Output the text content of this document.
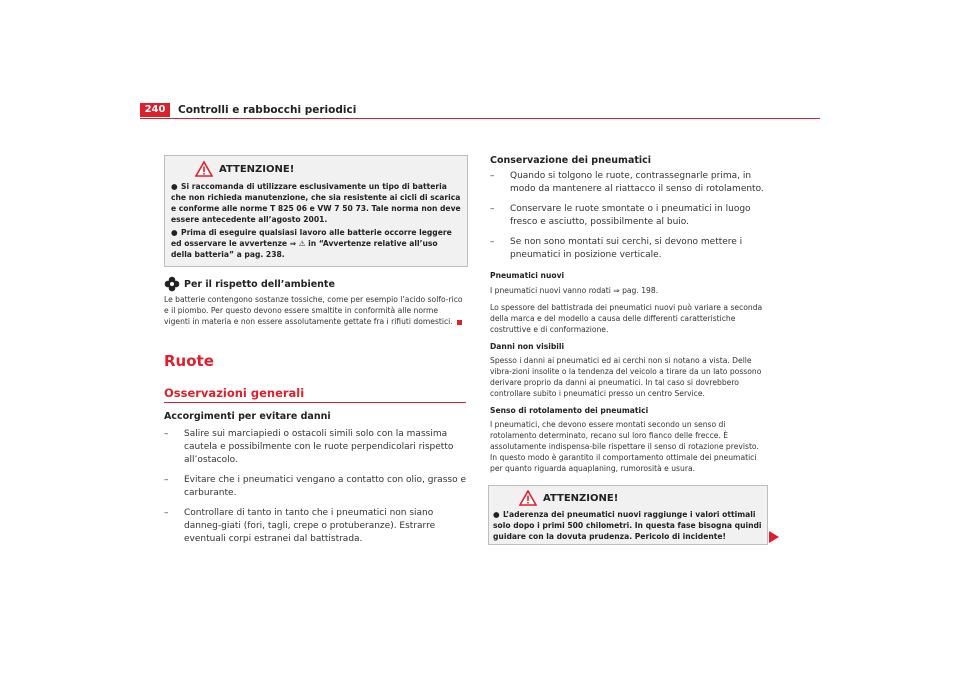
240	Controlli e rabbocchi periodici
ATTENZIONE!

● Si raccomanda di utilizzare esclusivamente un tipo di batteria che non richieda manutenzione, che sia resistente ai cicli di scarica e conforme alle norme T 825 06 e VW 7 50 73. Tale norma non deve essere antecedente all’agosto 2001.

● Prima di eseguire qualsiasi lavoro alle batterie occorre leggere ed osservare le avvertenze ⇒ ⚠ in “Avvertenze relative all’uso della batteria” a pag. 238.

Per il rispetto dell’ambiente

Le batterie contengono sostanze tossiche, come per esempio l’acido solfo-rico e il piombo. Per questo devono essere smaltite in conformità alle norme vigenti in materia e non essere assolutamente gettate fra i rifiuti domestici.

Ruote
Osservazioni generali
Accorgimenti per evitare danni
– Salire sui marciapiedi o ostacoli simili solo con la massima cautela e possibilmente con le ruote perpendicolari rispetto all’ostacolo.
– Evitare che i pneumatici vengano a contatto con olio, grasso e carburante.
– Controllare di tanto in tanto che i pneumatici non siano danneg-giati (fori, tagli, crepe o protuberanze). Estrarre eventuali corpi estranei dal battistrada.
Conservazione dei pneumatici
– Quando si tolgono le ruote, contrassegnarle prima, in modo da mantenere al riattacco il senso di rotolamento.
– Conservare le ruote smontate o i pneumatici in luogo fresco e asciutto, possibilmente al buio.
– Se non sono montati sui cerchi, si devono mettere i pneumatici in posizione verticale.
Pneumatici nuovi
I pneumatici nuovi vanno rodati ⇒ pag. 198.
Lo spessore del battistrada dei pneumatici nuovi può variare a seconda della marca e del modello a causa delle differenti caratteristiche costruttive e di conformazione.
Danni non visibili
Spesso i danni ai pneumatici ed ai cerchi non si notano a vista. Delle vibra-zioni insolite o la tendenza del veicolo a tirare da un lato possono derivare proprio da danni ai pneumatici. In tal caso si dovrebbero controllare subito i pneumatici presso un centro Service.
Senso di rotolamento dei pneumatici
I pneumatici, che devono essere montati secondo un senso di rotolamento determinato, recano sul loro fianco delle frecce. È assolutamente indispensa-bile rispettare il senso di rotazione previsto. In questo modo è garantito il comportamento ottimale dei pneumatici per quanto riguarda aquaplaning, rumorosità e usura.
ATTENZIONE!

● L’aderenza dei pneumatici nuovi raggiunge i valori ottimali solo dopo i primi 500 chilometri. In questa fase bisogna quindi guidare con la dovuta prudenza. Pericolo di incidente!
